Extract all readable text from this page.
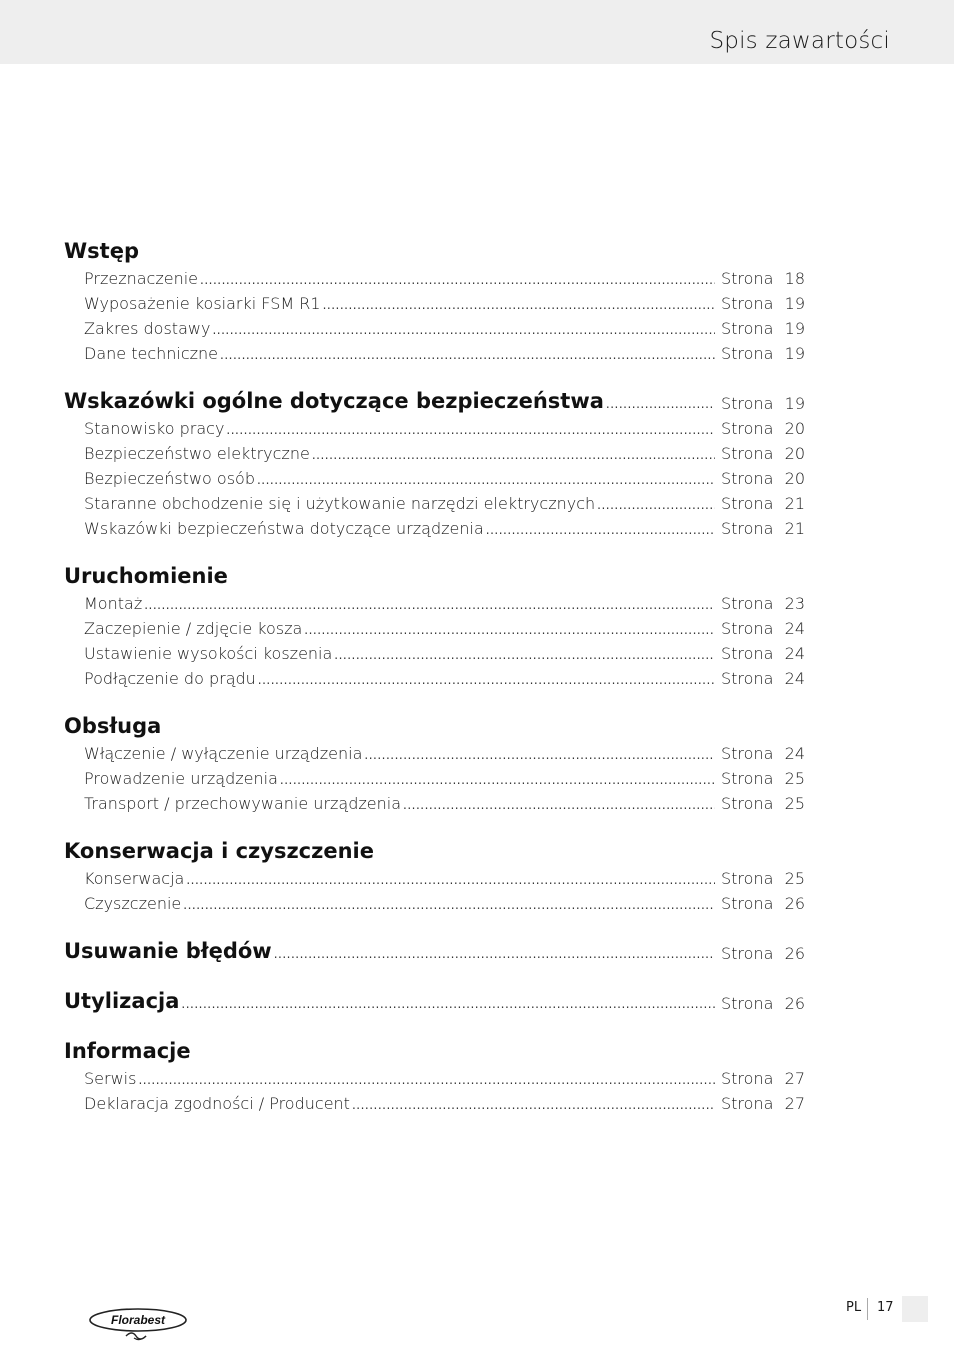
Spis zawartości
Wstęp
Przeznaczenie .....	Strona 18
Wyposażenie kosiarki FSM R1 .....	Strona 19
Zakres dostawy .....	Strona 19
Dane techniczne .....	Strona 19
Wskazówki ogólne dotyczące bezpieczeństwa .....	Strona 19
Stanowisko pracy .....	Strona 20
Bezpieczeństwo elektryczne .....	Strona 20
Bezpieczeństwo osób .....	Strona 20
Staranne obchodzenie się i użytkowanie narzędzi elektrycznych .....	Strona 21
Wskazówki bezpieczeństwa dotyczące urządzenia .....	Strona 21
Uruchomienie
Montaż .....	Strona 23
Zaczepienie / zdjęcie kosza .....	Strona 24
Ustawienie wysokości koszenia .....	Strona 24
Podłączenie do prądu .....	Strona 24
Obsługa
Włączenie / wyłączenie urządzenia .....	Strona 24
Prowadzenie urządzenia .....	Strona 25
Transport / przechowywanie urządzenia .....	Strona 25
Konserwacja i czyszczenie
Konserwacja .....	Strona 25
Czyszczenie .....	Strona 26
Usuwanie błędów .....	Strona 26
Utylizacja .....	Strona 26
Informacje
Serwis .....	Strona 27
Deklaracja zgodności / Producent .....	Strona 27
Florabest
PL 17
